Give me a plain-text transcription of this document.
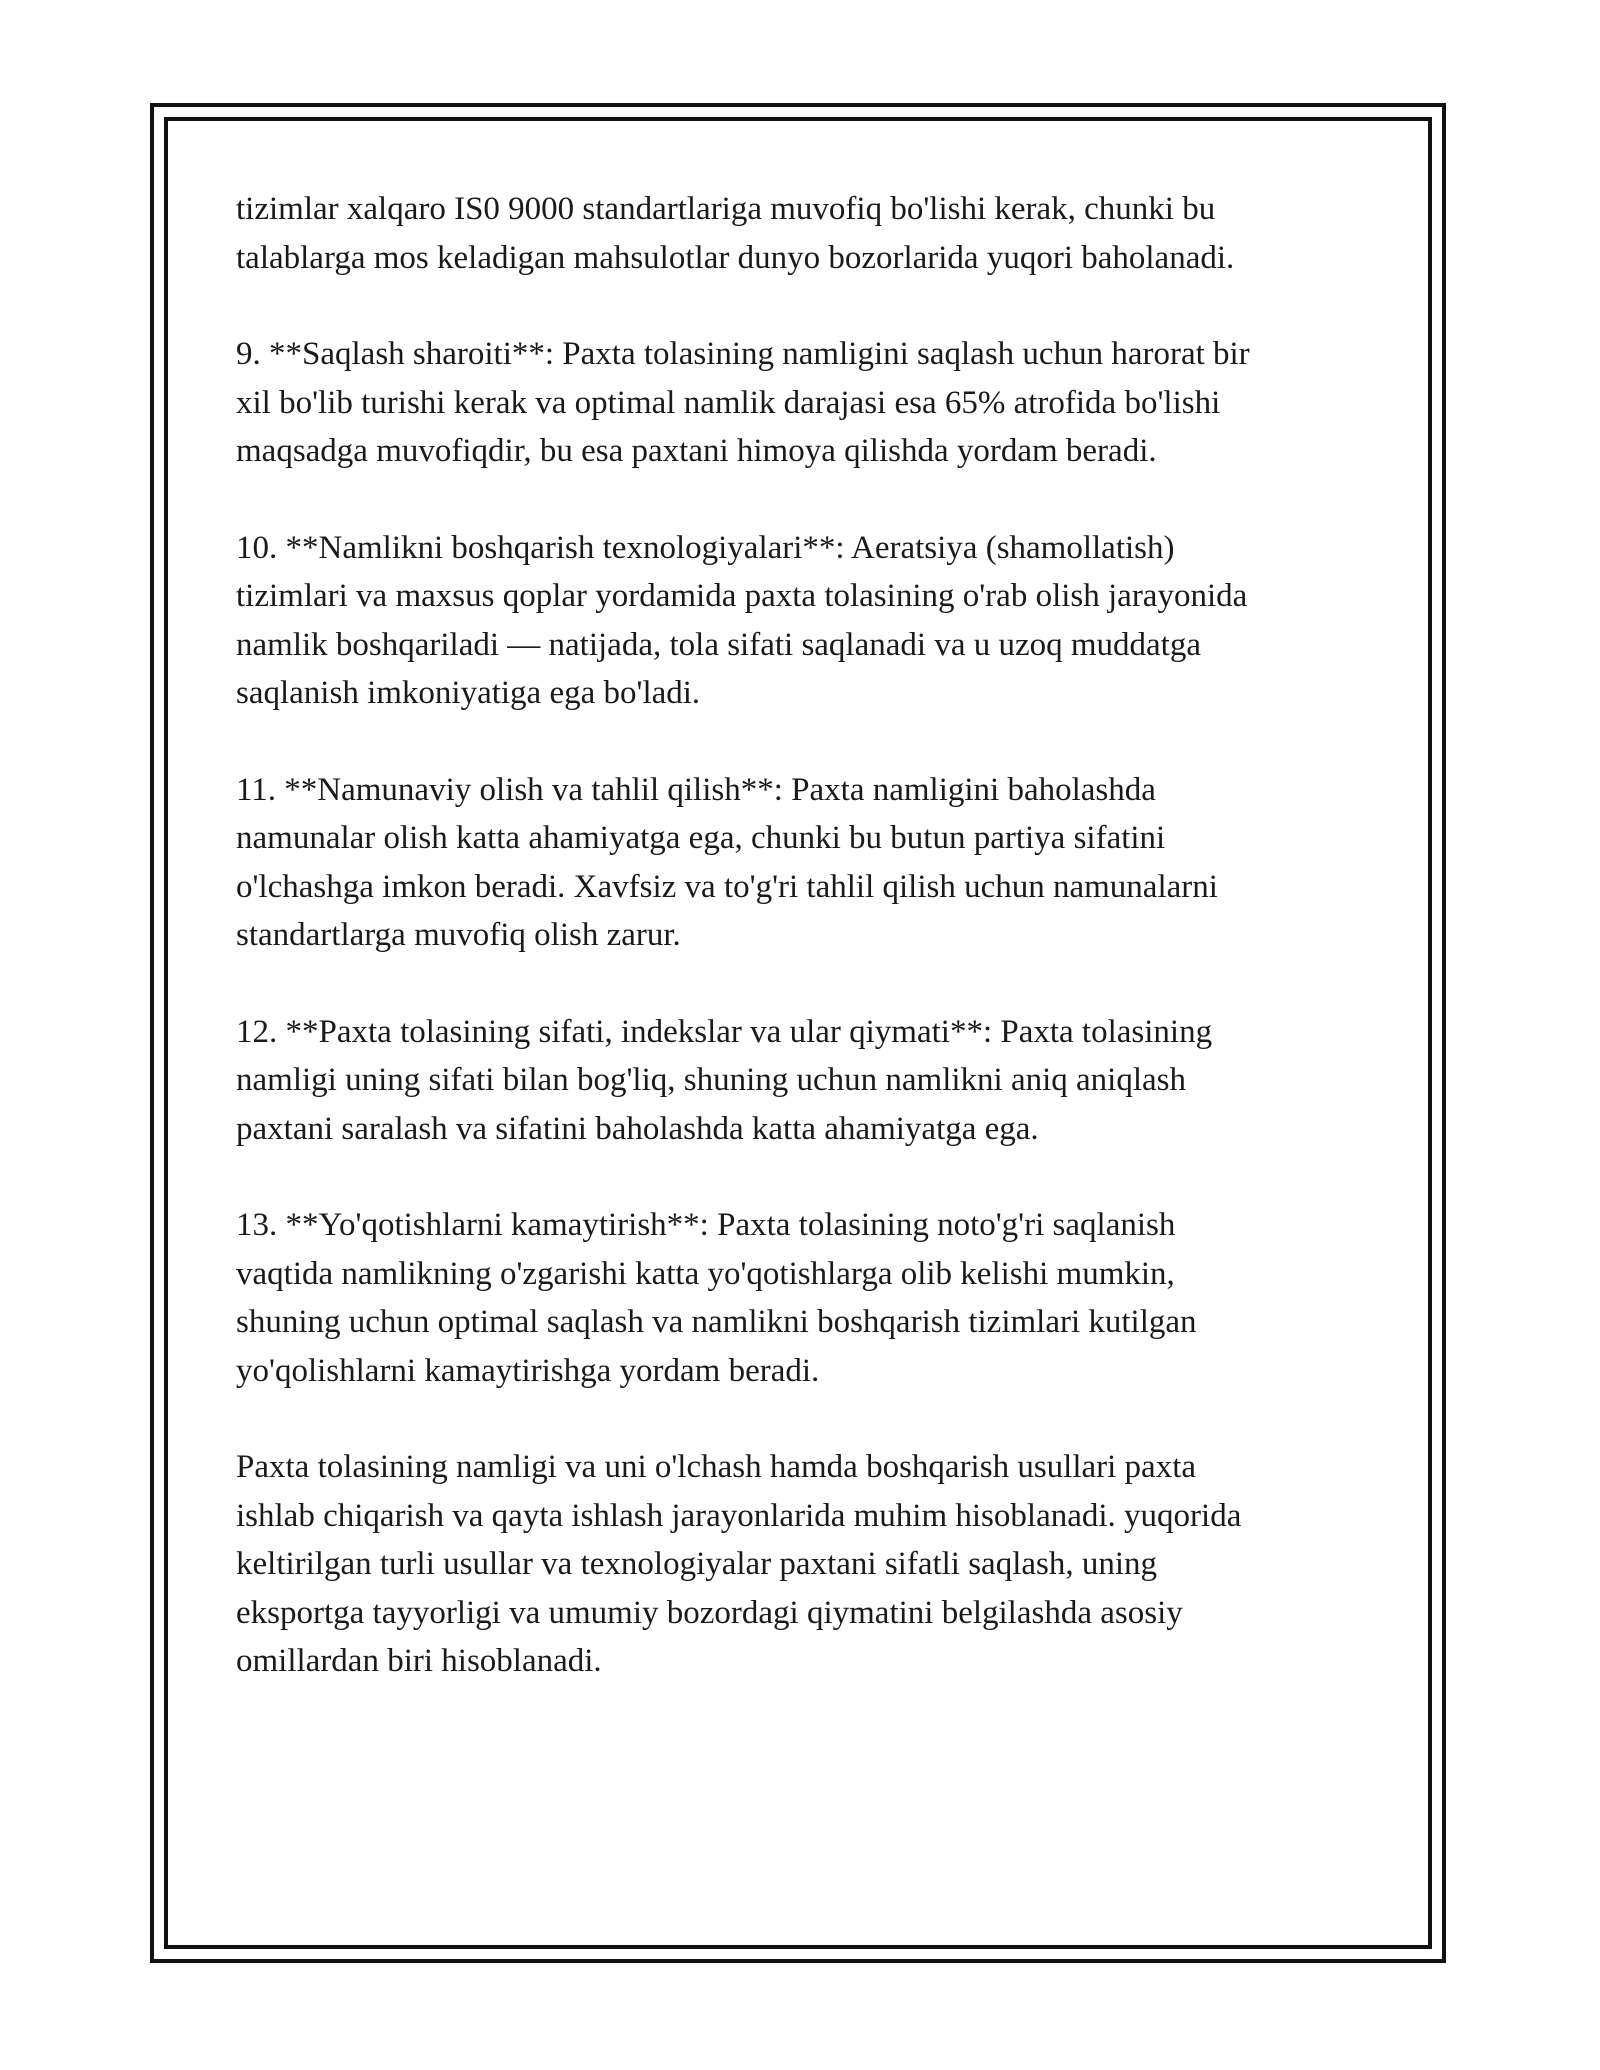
tizimlar xalqaro IS0 9000 standartlariga muvofiq bo'lishi kerak, chunki bu
talablarga mos keladigan mahsulotlar dunyo bozorlarida yuqori baholanadi.

9. **Saqlash sharoiti**: Paxta tolasining namligini saqlash uchun harorat bir
xil bo'lib turishi kerak va optimal namlik darajasi esa 65% atrofida bo'lishi
maqsadga muvofiqdir, bu esa paxtani himoya qilishda yordam beradi.

10. **Namlikni boshqarish texnologiyalari**: Aeratsiya (shamollatish)
tizimlari va maxsus qoplar yordamida paxta tolasining o'rab olish jarayonida
namlik boshqariladi — natijada, tola sifati saqlanadi va u uzoq muddatga
saqlanish imkoniyatiga ega bo'ladi.

11. **Namunaviy olish va tahlil qilish**: Paxta namligini baholashda
namunalar olish katta ahamiyatga ega, chunki bu butun partiya sifatini
o'lchashga imkon beradi. Xavfsiz va to'g'ri tahlil qilish uchun namunalarni
standartlarga muvofiq olish zarur.

12. **Paxta tolasining sifati, indekslar va ular qiymati**: Paxta tolasining
namligi uning sifati bilan bog'liq, shuning uchun namlikni aniq aniqlash
paxtani saralash va sifatini baholashda katta ahamiyatga ega.

13. **Yo'qotishlarni kamaytirish**: Paxta tolasining noto'g'ri saqlanish
vaqtida namlikning o'zgarishi katta yo'qotishlarga olib kelishi mumkin,
shuning uchun optimal saqlash va namlikni boshqarish tizimlari kutilgan
yo'qolishlarni kamaytirishga yordam beradi.

Paxta tolasining namligi va uni o'lchash hamda boshqarish usullari paxta
ishlab chiqarish va qayta ishlash jarayonlarida muhim hisoblanadi. yuqorida
keltirilgan turli usullar va texnologiyalar paxtani sifatli saqlash, uning
eksportga tayyorligi va umumiy bozordagi qiymatini belgilashda asosiy
omillardan biri hisoblanadi.
